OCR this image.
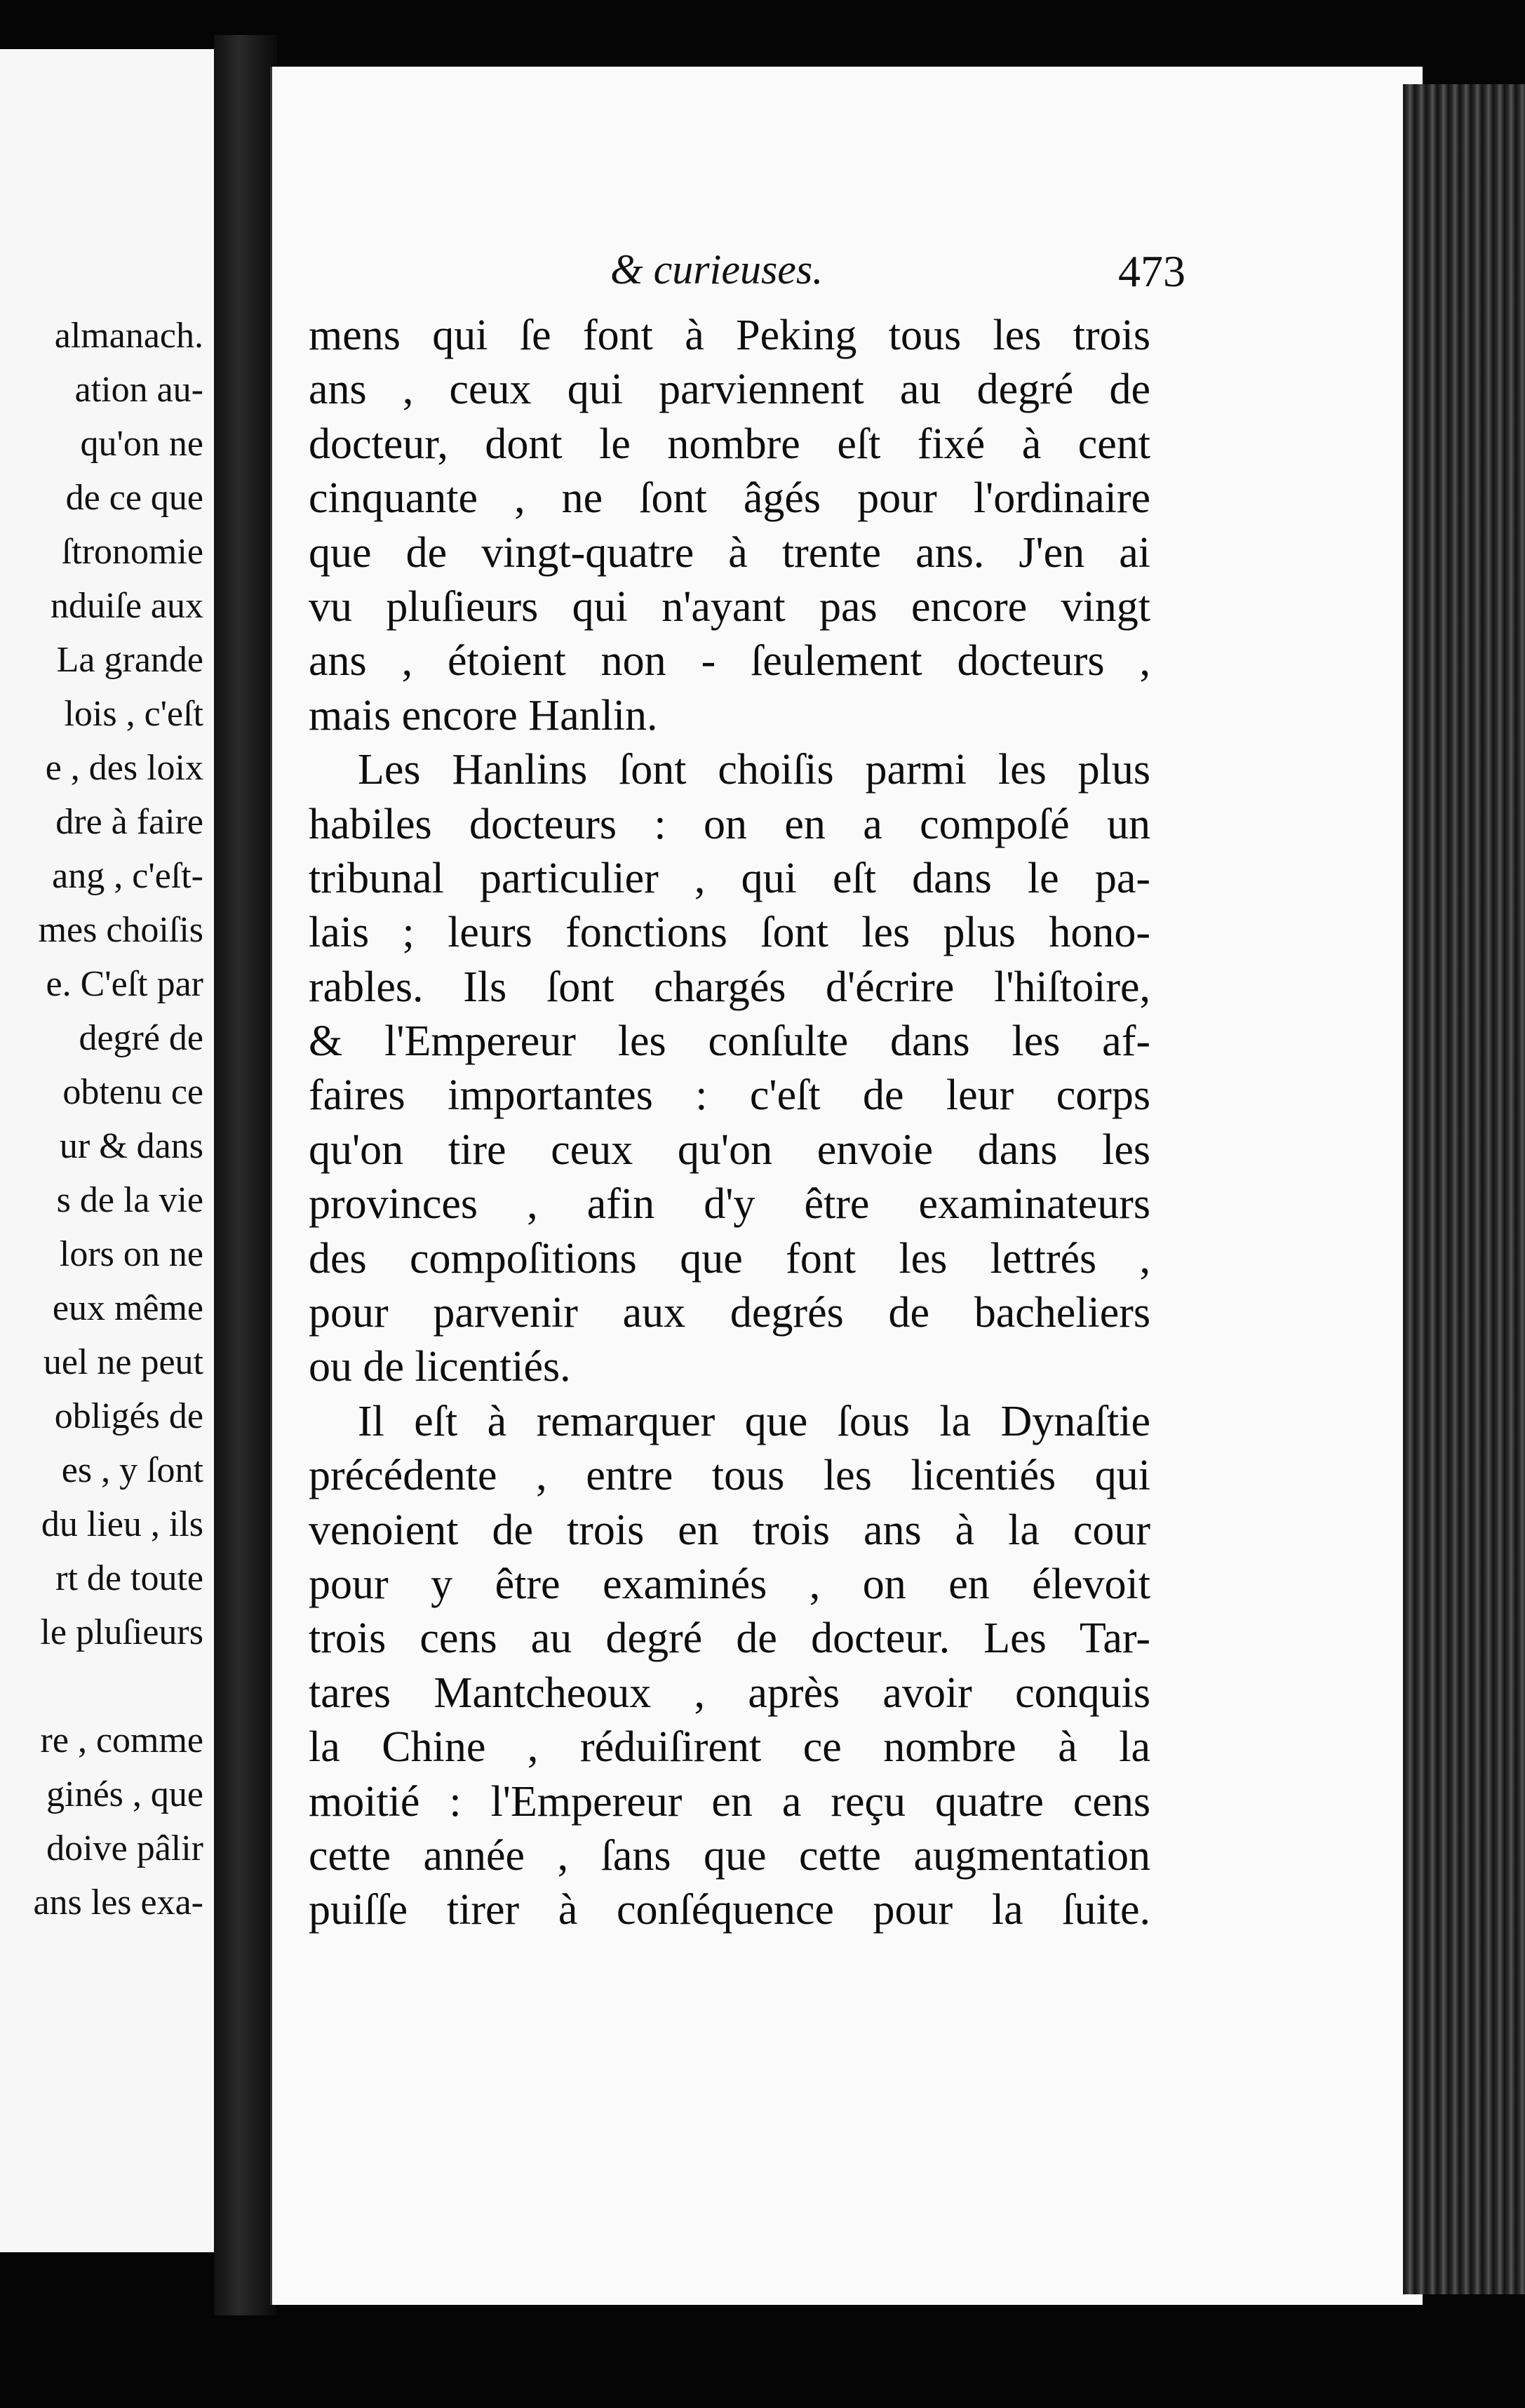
almanach.
ation au-
qu'on ne
de ce que
ſtronomie
nduiſe aux
La grande
lois , c'eſt
e , des loix
dre à faire
ang , c'eſt-
mes choiſis
e. C'eſt par
degré de
obtenu ce
ur & dans
s de la vie
lors on ne
eux même
uel ne peut
obligés de
es , y ſont
du lieu , ils
rt de toute
le pluſieurs
re , comme
ginés , que
doive pâlir
ans les exa-
& curieuses.	473
mens qui ſe font à Peking tous les trois
ans , ceux qui parviennent au degré de
docteur, dont le nombre eſt fixé à cent
cinquante , ne ſont âgés pour l'ordinaire
que de vingt-quatre à trente ans. J'en ai
vu pluſieurs qui n'ayant pas encore vingt
ans , étoient non - ſeulement docteurs ,
mais encore Hanlin.
Les Hanlins ſont choiſis parmi les plus
habiles docteurs : on en a compoſé un
tribunal particulier , qui eſt dans le pa-
lais ; leurs fonctions ſont les plus hono-
rables. Ils ſont chargés d'écrire l'hiſtoire,
& l'Empereur les conſulte dans les af-
faires importantes : c'eſt de leur corps
qu'on tire ceux qu'on envoie dans les
provinces , afin d'y être examinateurs
des compoſitions que font les lettrés ,
pour parvenir aux degrés de bacheliers
ou de licentiés.
Il eſt à remarquer que ſous la Dynaſtie
précédente , entre tous les licentiés qui
venoient de trois en trois ans à la cour
pour y être examinés , on en élevoit
trois cens au degré de docteur. Les Tar-
tares Mantcheoux , après avoir conquis
la Chine , réduiſirent ce nombre à la
moitié : l'Empereur en a reçu quatre cens
cette année , ſans que cette augmentation
puiſſe tirer à conſéquence pour la ſuite.
